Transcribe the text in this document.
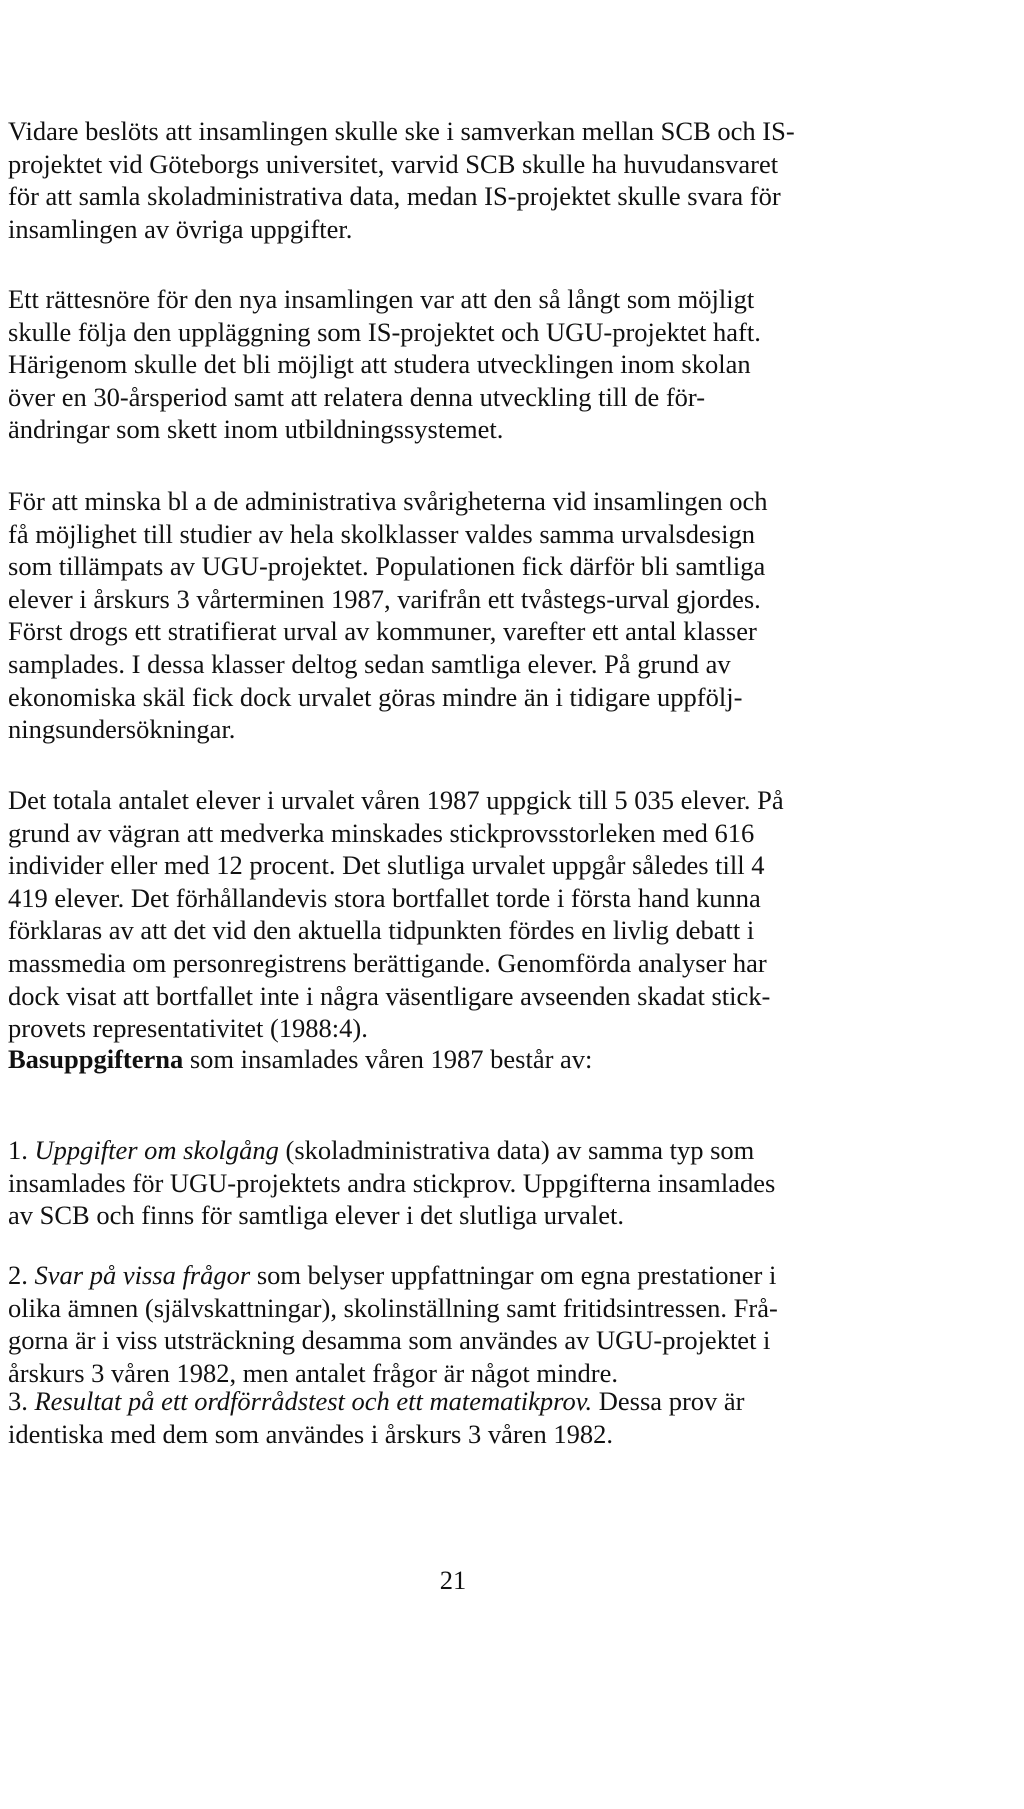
Vidare beslöts att insamlingen skulle ske i samverkan mellan SCB och IS-
projektet vid Göteborgs universitet, varvid SCB skulle ha huvudansvaret
för att samla skoladministrativa data, medan IS-projektet skulle svara för
insamlingen av övriga uppgifter.

Ett rättesnöre för den nya insamlingen var att den så långt som möjligt
skulle följa den uppläggning som IS-projektet och UGU-projektet haft.
Härigenom skulle det bli möjligt att studera utvecklingen inom skolan
över en 30-årsperiod samt att relatera denna utveckling till de för-
ändringar som skett inom utbildningssystemet.

För att minska bl a de administrativa svårigheterna vid insamlingen och
få möjlighet till studier av hela skolklasser valdes samma urvalsdesign
som tillämpats av UGU-projektet. Populationen fick därför bli samtliga
elever i årskurs 3 vårterminen 1987, varifrån ett tvåstegs-urval gjordes.
Först drogs ett stratifierat urval av kommuner, varefter ett antal klasser
samplades. I dessa klasser deltog sedan samtliga elever. På grund av
ekonomiska skäl fick dock urvalet göras mindre än i tidigare uppfölj-
ningsundersökningar.

Det totala antalet elever i urvalet våren 1987 uppgick till 5 035 elever. På
grund av vägran att medverka minskades stickprovsstorleken med 616
individer eller med 12 procent. Det slutliga urvalet uppgår således till 4
419 elever. Det förhållandevis stora bortfallet torde i första hand kunna
förklaras av att det vid den aktuella tidpunkten fördes en livlig debatt i
massmedia om personregistrens berättigande. Genomförda analyser har
dock visat att bortfallet inte i några väsentligare avseenden skadat stick-
provets representativitet (1988:4).

Basuppgifterna som insamlades våren 1987 består av:

1. Uppgifter om skolgång (skoladministrativa data) av samma typ som
insamlades för UGU-projektets andra stickprov. Uppgifterna insamlades
av SCB och finns för samtliga elever i det slutliga urvalet.

2. Svar på vissa frågor som belyser uppfattningar om egna prestationer i
olika ämnen (självskattningar), skolinställning samt fritidsintressen. Frå-
gorna är i viss utsträckning desamma som användes av UGU-projektet i
årskurs 3 våren 1982, men antalet frågor är något mindre.

3. Resultat på ett ordförrådstest och ett matematikprov. Dessa prov är
identiska med dem som användes i årskurs 3 våren 1982.

21
